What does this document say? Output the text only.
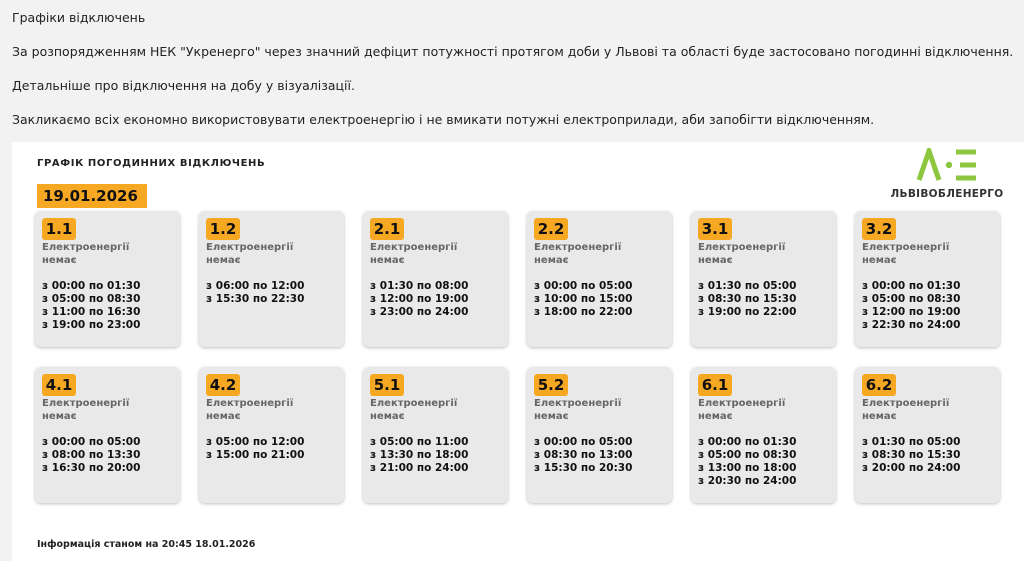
Графіки відключень
За розпорядженням НЕК "Укренерго" через значний дефіцит потужності протягом доби у Львові та області буде застосовано погодинні відключення.
Детальніше про відключення на добу у візуалізації.
Закликаємо всіх економно використовувати електроенергію і не вмикати потужні електроприлади, аби запобігти відключенням.
ГРАФІК ПОГОДИННИХ ВІДКЛЮЧЕНЬ
19.01.2026	ЛЬВІВОБЛЕНЕРГО
1.1
Електроенергії немає
з 00:00 по 01:30
з 05:00 по 08:30
з 11:00 по 16:30
з 19:00 по 23:00
1.2
Електроенергії немає
з 06:00 по 12:00
з 15:30 по 22:30
2.1
Електроенергії немає
з 01:30 по 08:00
з 12:00 по 19:00
з 23:00 по 24:00
2.2
Електроенергії немає
з 00:00 по 05:00
з 10:00 по 15:00
з 18:00 по 22:00
3.1
Електроенергії немає
з 01:30 по 05:00
з 08:30 по 15:30
з 19:00 по 22:00
3.2
Електроенергії немає
з 00:00 по 01:30
з 05:00 по 08:30
з 12:00 по 19:00
з 22:30 по 24:00
4.1
Електроенергії немає
з 00:00 по 05:00
з 08:00 по 13:30
з 16:30 по 20:00
4.2
Електроенергії немає
з 05:00 по 12:00
з 15:00 по 21:00
5.1
Електроенергії немає
з 05:00 по 11:00
з 13:30 по 18:00
з 21:00 по 24:00
5.2
Електроенергії немає
з 00:00 по 05:00
з 08:30 по 13:00
з 15:30 по 20:30
6.1
Електроенергії немає
з 00:00 по 01:30
з 05:00 по 08:30
з 13:00 по 18:00
з 20:30 по 24:00
6.2
Електроенергії немає
з 01:30 по 05:00
з 08:30 по 15:30
з 20:00 по 24:00
Інформація станом на 20:45 18.01.2026
